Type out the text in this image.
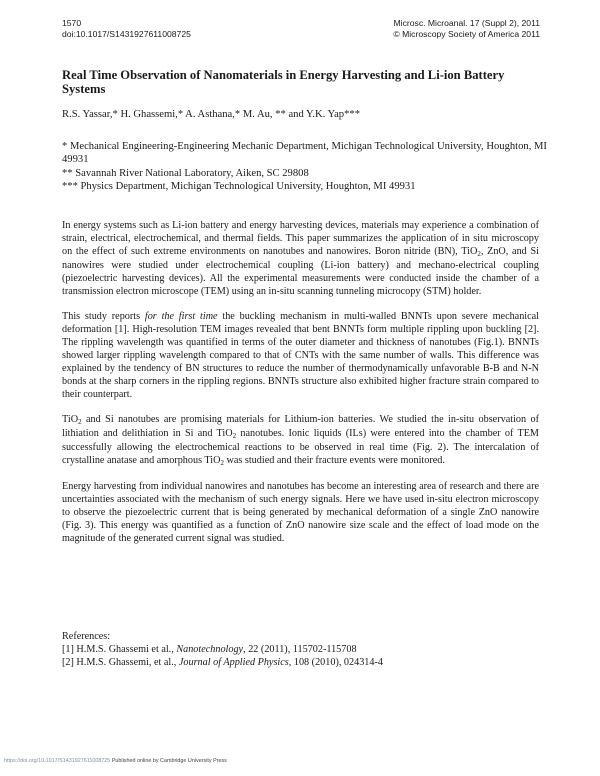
1570
doi:10.1017/S1431927611008725
Microsc. Microanal. 17 (Suppl 2), 2011
© Microscopy Society of America 2011
Real Time Observation of Nanomaterials in Energy Harvesting and Li-ion Battery Systems
R.S. Yassar,* H. Ghassemi,* A. Asthana,* M. Au, ** and Y.K. Yap***
* Mechanical Engineering-Engineering Mechanic Department, Michigan Technological University, Houghton, MI 49931
** Savannah River National Laboratory, Aiken, SC 29808
*** Physics Department, Michigan Technological University, Houghton, MI 49931

In energy systems such as Li-ion battery and energy harvesting devices, materials may experience a combination of strain, electrical, electrochemical, and thermal fields. This paper summarizes the application of in situ microscopy on the effect of such extreme environments on nanotubes and nanowires. Boron nitride (BN), TiO$_2$, ZnO, and Si nanowires were studied under electrochemical coupling (Li-ion battery) and mechano-electrical coupling (piezoelectric harvesting devices). All the experimental measurements were conducted inside the chamber of a transmission electron microscope (TEM) using an in-situ scanning tunneling microcopy (STM) holder.

This study reports for the first time the buckling mechanism in multi-walled BNNTs upon severe mechanical deformation [1]. High-resolution TEM images revealed that bent BNNTs form multiple rippling upon buckling [2]. The rippling wavelength was quantified in terms of the outer diameter and thickness of nanotubes (Fig.1). BNNTs showed larger rippling wavelength compared to that of CNTs with the same number of walls. This difference was explained by the tendency of BN structures to reduce the number of thermodynamically unfavorable B-B and N-N bonds at the sharp corners in the rippling regions. BNNTs structure also exhibited higher fracture strain compared to their counterpart.

TiO$_2$ and Si nanotubes are promising materials for Lithium-ion batteries. We studied the in-situ observation of lithiation and delithiation in Si and TiO$_2$ nanotubes. Ionic liquids (ILs) were entered into the chamber of TEM successfully allowing the electrochemical reactions to be observed in real time (Fig. 2). The intercalation of crystalline anatase and amorphous TiO$_2$ was studied and their fracture events were monitored.

Energy harvesting from individual nanowires and nanotubes has become an interesting area of research and there are uncertainties associated with the mechanism of such energy signals. Here we have used in-situ electron microscopy to observe the piezoelectric current that is being generated by mechanical deformation of a single ZnO nanowire (Fig. 3). This energy was quantified as a function of ZnO nanowire size scale and the effect of load mode on the magnitude of the generated current signal was studied.

References:
[1] H.M.S. Ghassemi et al., Nanotechnology, 22 (2011), 115702-115708
[2] H.M.S. Ghassemi, et al., Journal of Applied Physics, 108 (2010), 024314-4
https://doi.org/10.1017/S1431927611008725 Published online by Cambridge University Press
